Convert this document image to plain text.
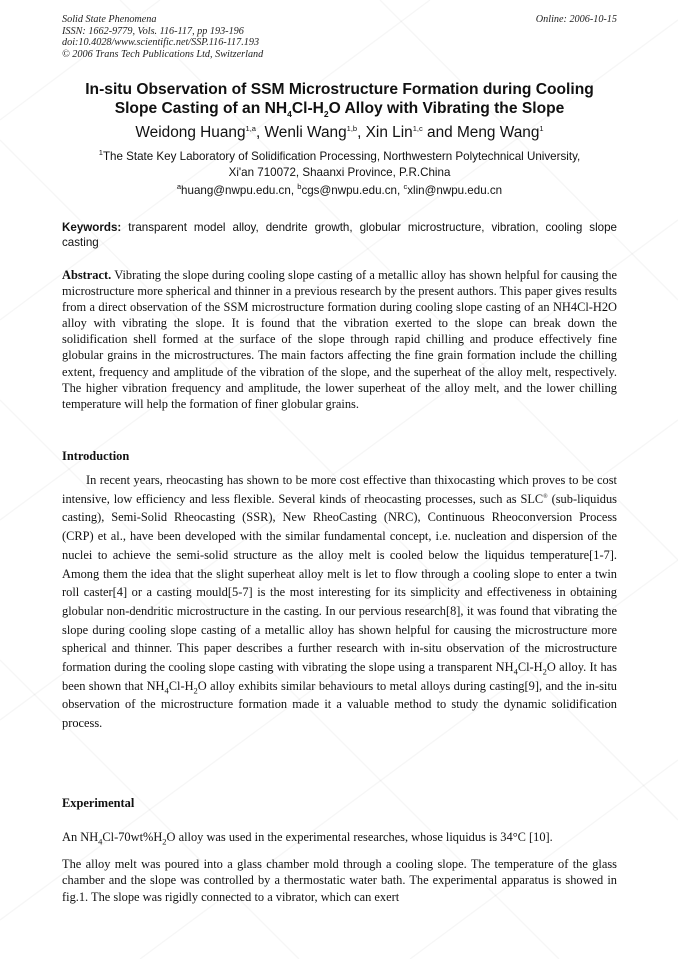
Solid State Phenomena
ISSN: 1662-9779, Vols. 116-117, pp 193-196
doi:10.4028/www.scientific.net/SSP.116-117.193
© 2006 Trans Tech Publications Ltd, Switzerland
Online: 2006-10-15
In-situ Observation of SSM Microstructure Formation during Cooling
Slope Casting of an $NH_4Cl-H_2O$ Alloy with Vibrating the Slope
Weidong Huang$^{1,a}$, Wenli Wang$^{1,b}$, Xin Lin$^{1,c}$ and Meng Wang$^1$
$^1$The State Key Laboratory of Solidification Processing, Northwestern Polytechnical University,
Xi'an 710072, Shaanxi Province, P.R.China
$^a$huang@nwpu.edu.cn, $^b$cgs@nwpu.edu.cn, $^c$xlin@nwpu.edu.cn
Keywords: transparent model alloy, dendrite growth, globular microstructure, vibration, cooling slope casting
Abstract. Vibrating the slope during cooling slope casting of a metallic alloy has shown helpful for causing the microstructure more spherical and thinner in a previous research by the present authors. This paper gives results from a direct observation of the SSM microstructure formation during cooling slope casting of an NH4Cl-H2O alloy with vibrating the slope. It is found that the vibration exerted to the slope can break down the solidification shell formed at the surface of the slope through rapid chilling and produce effectively fine globular grains in the microstructures. The main factors affecting the fine grain formation include the chilling extent, frequency and amplitude of the vibration of the slope, and the superheat of the alloy melt, respectively. The higher vibration frequency and amplitude, the lower superheat of the alloy melt, and the lower chilling temperature will help the formation of finer globular grains.
Introduction
In recent years, rheocasting has shown to be more cost effective than thixocasting which proves to be cost intensive, low efficiency and less flexible. Several kinds of rheocasting processes, such as SLC® (sub-liquidus casting), Semi-Solid Rheocasting (SSR), New RheoCasting (NRC), Continuous Rheoconversion Process (CRP) et al., have been developed with the similar fundamental concept, i.e. nucleation and dispersion of the nuclei to achieve the semi-solid structure as the alloy melt is cooled below the liquidus temperature[1-7]. Among them the idea that the slight superheat alloy melt is let to flow through a cooling slope to enter a twin roll caster[4] or a casting mould[5-7] is the most interesting for its simplicity and effectiveness in obtaining globular non-dendritic microstructure in the casting. In our pervious research[8], it was found that vibrating the slope during cooling slope casting of a metallic alloy has shown helpful for causing the microstructure more spherical and thinner. This paper describes a further research with in-situ observation of the microstructure formation during the cooling slope casting with vibrating the slope using a transparent $NH_4Cl-H_2O$ alloy. It has been shown that $NH_4Cl-H_2O$ alloy exhibits similar behaviours to metal alloys during casting[9], and the in-situ observation of the microstructure formation made it a valuable method to study the dynamic solidification process.
Experimental
An $NH_4Cl-70wt\%H_2O$ alloy was used in the experimental researches, whose liquidus is 34°C [10].
The alloy melt was poured into a glass chamber mold through a cooling slope. The temperature of the glass chamber and the slope was controlled by a thermostatic water bath. The experimental apparatus is showed in fig.1. The slope was rigidly connected to a vibrator, which can exert
